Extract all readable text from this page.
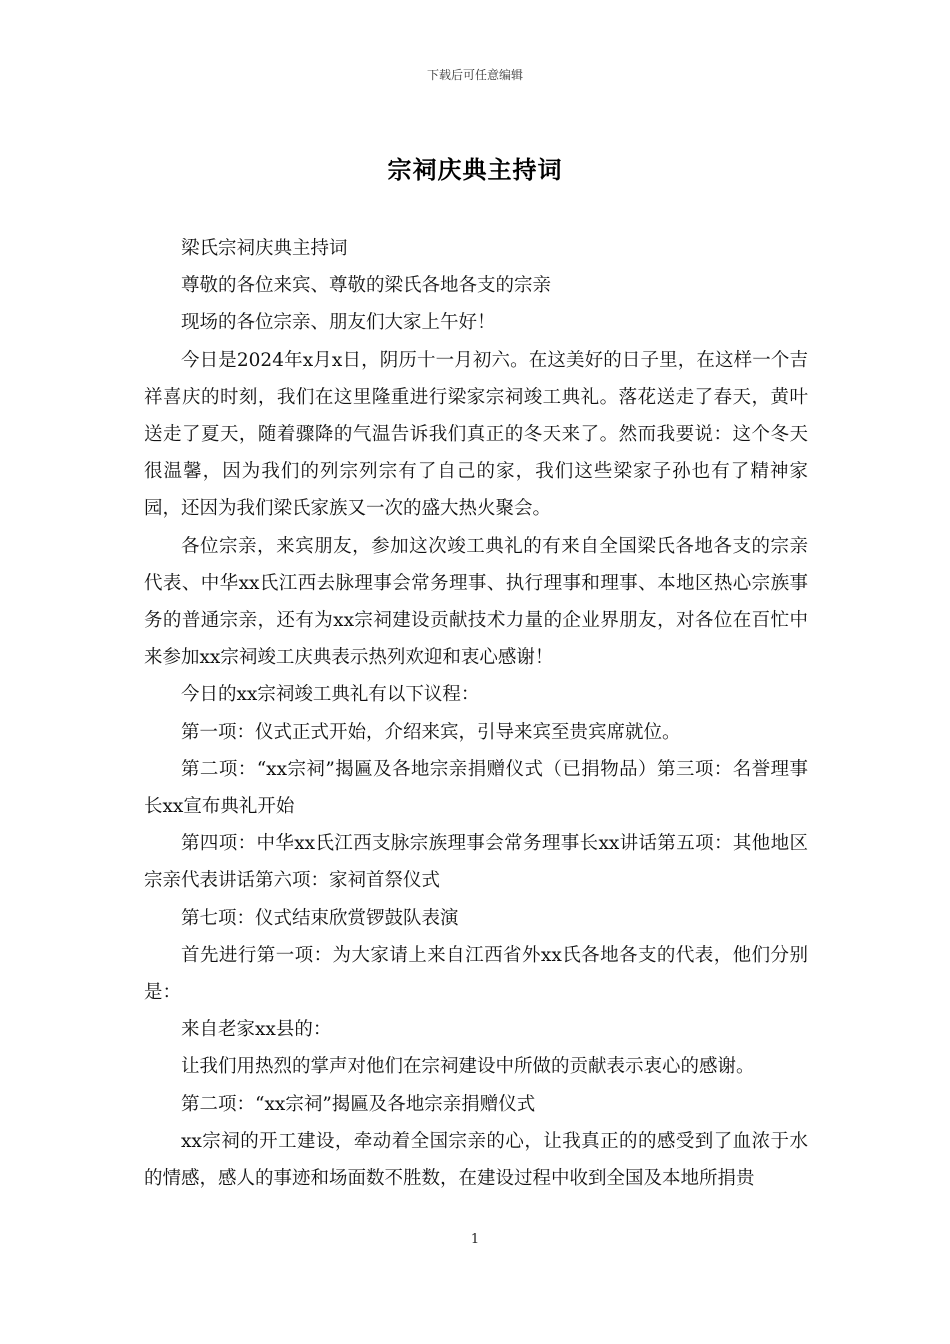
下载后可任意编辑
宗祠庆典主持词

梁氏宗祠庆典主持词

尊敬的各位来宾、尊敬的梁氏各地各支的宗亲

现场的各位宗亲、朋友们大家上午好！

今日是2024年x月x日，阴历十一月初六。在这美好的日子里，在这样一个吉祥喜庆的时刻，我们在这里隆重进行梁家宗祠竣工典礼。落花送走了春天，黄叶送走了夏天，随着骤降的气温告诉我们真正的冬天来了。然而我要说：这个冬天很温馨，因为我们的列宗列宗有了自己的家，我们这些梁家子孙也有了精神家园，还因为我们梁氏家族又一次的盛大热火聚会。

各位宗亲，来宾朋友，参加这次竣工典礼的有来自全国梁氏各地各支的宗亲代表、中华xx氏江西去脉理事会常务理事、执行理事和理事、本地区热心宗族事务的普通宗亲，还有为xx宗祠建设贡献技术力量的企业界朋友，对各位在百忙中来参加xx宗祠竣工庆典表示热列欢迎和衷心感谢！

今日的xx宗祠竣工典礼有以下议程：

第一项：仪式正式开始，介绍来宾，引导来宾至贵宾席就位。

第二项：“xx宗祠”揭匾及各地宗亲捐赠仪式（已捐物品）第三项：名誉理事长xx宣布典礼开始

第四项：中华xx氏江西支脉宗族理事会常务理事长xx讲话第五项：其他地区宗亲代表讲话第六项：家祠首祭仪式

第七项：仪式结束欣赏锣鼓队表演

首先进行第一项：为大家请上来自江西省外xx氏各地各支的代表，他们分别是：

来自老家xx县的：

让我们用热烈的掌声对他们在宗祠建设中所做的贡献表示衷心的感谢。

第二项：“xx宗祠”揭匾及各地宗亲捐赠仪式

xx宗祠的开工建设，牵动着全国宗亲的心，让我真正的的感受到了血浓于水的情感，感人的事迹和场面数不胜数，在建设过程中收到全国及本地所捐贵

1
